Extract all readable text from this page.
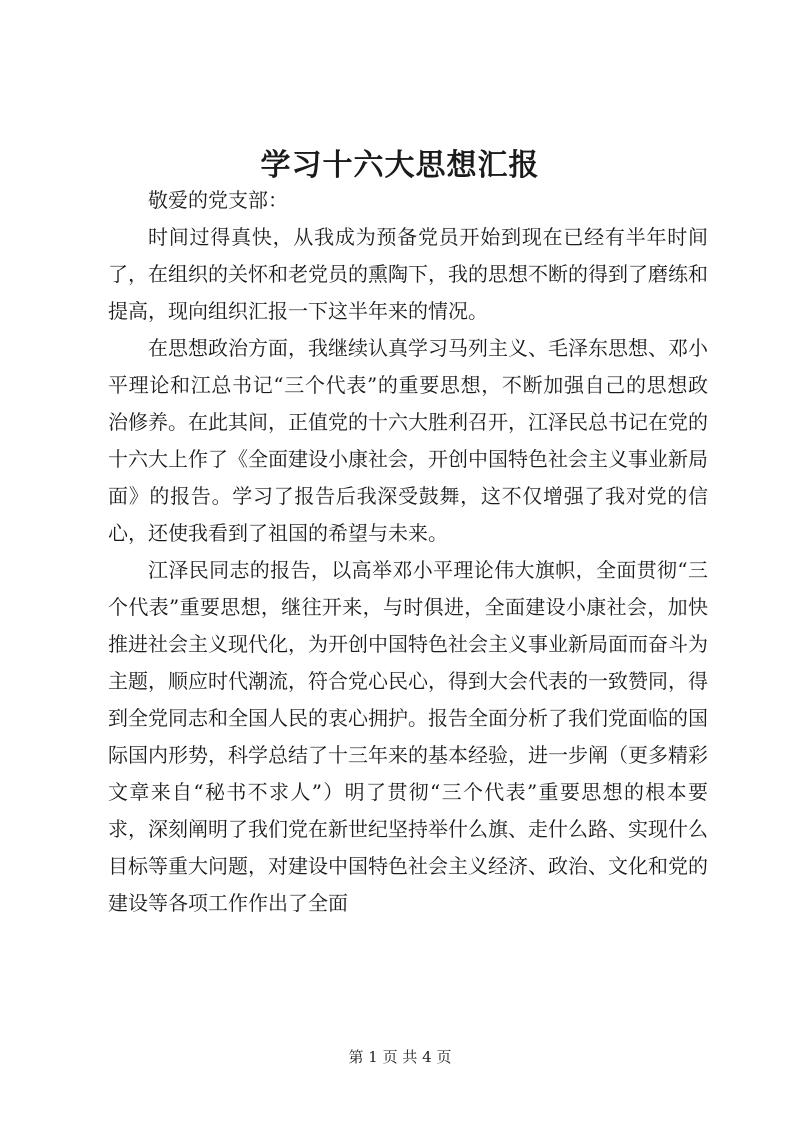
学习十六大思想汇报

敬爱的党支部：

时间过得真快，从我成为预备党员开始到现在已经有半年时间了，在组织的关怀和老党员的熏陶下，我的思想不断的得到了磨练和提高，现向组织汇报一下这半年来的情况。

在思想政治方面，我继续认真学习马列主义、毛泽东思想、邓小平理论和江总书记“三个代表”的重要思想，不断加强自己的思想政治修养。在此其间，正值党的十六大胜利召开，江泽民总书记在党的十六大上作了《全面建设小康社会，开创中国特色社会主义事业新局面》的报告。学习了报告后我深受鼓舞，这不仅增强了我对党的信心，还使我看到了祖国的希望与未来。

江泽民同志的报告，以高举邓小平理论伟大旗帜，全面贯彻“三个代表”重要思想，继往开来，与时俱进，全面建设小康社会，加快推进社会主义现代化，为开创中国特色社会主义事业新局面而奋斗为主题，顺应时代潮流，符合党心民心，得到大会代表的一致赞同，得到全党同志和全国人民的衷心拥护。报告全面分析了我们党面临的国际国内形势，科学总结了十三年来的基本经验，进一步阐（更多精彩文章来自“秘书不求人”）明了贯彻“三个代表”重要思想的根本要求，深刻阐明了我们党在新世纪坚持举什么旗、走什么路、实现什么目标等重大问题，对建设中国特色社会主义经济、政治、文化和党的建设等各项工作作出了全面

第 1 页 共 4 页
